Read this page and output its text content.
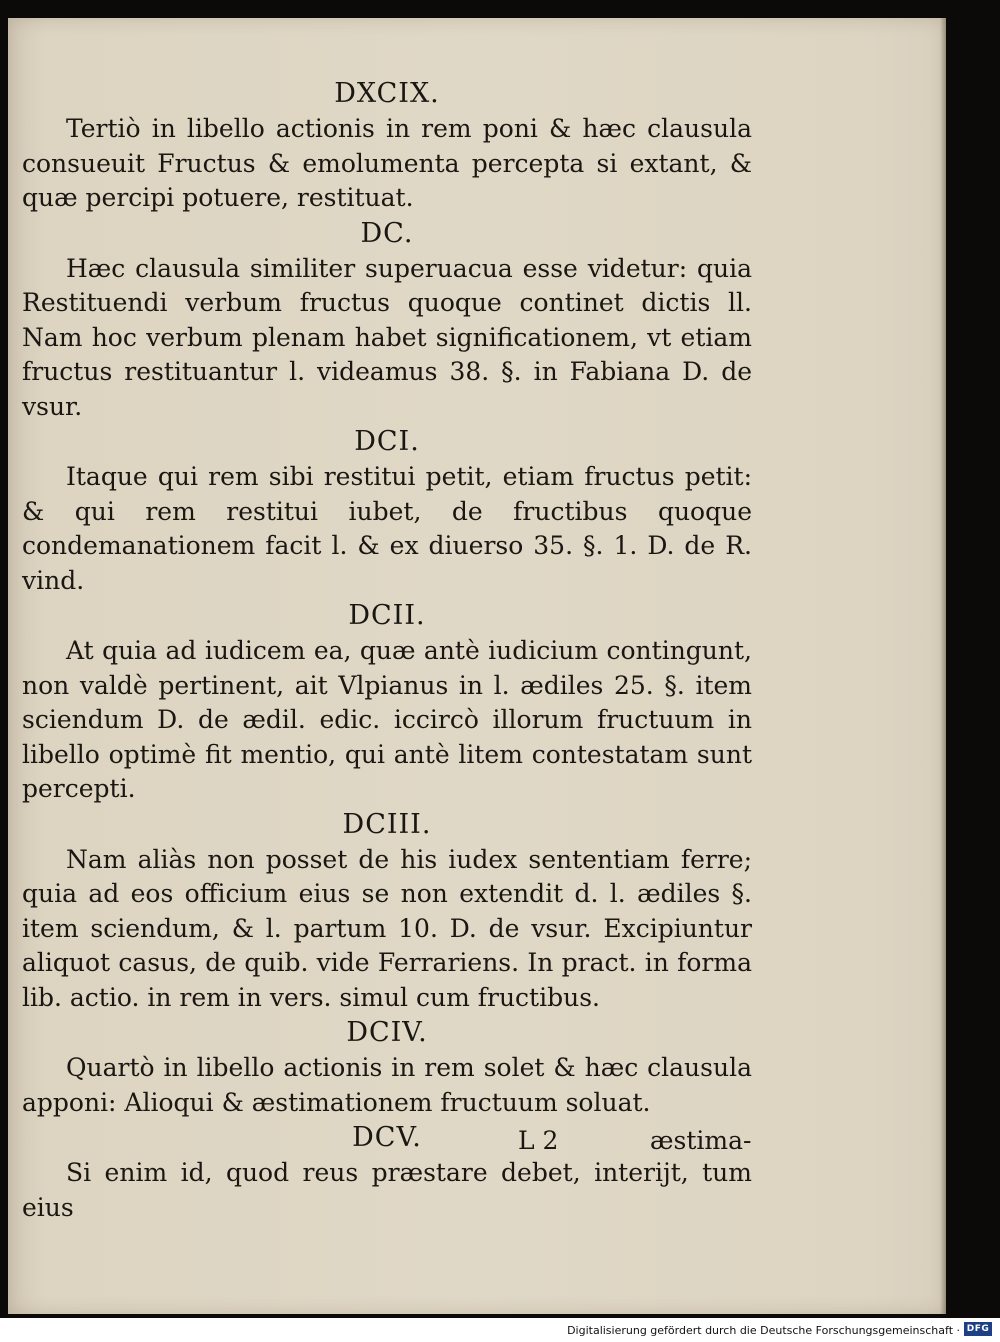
DXCIX.

Tertiò in libello actionis in rem poni & hæc clausula consueuit Fructus & emolumenta percepta si extant, & quæ percipi potuere, restituat.

DC.

Hæc clausula similiter superuacua esse videtur: quia Restituendi verbum fructus quoque continet dictis ll. Nam hoc verbum plenam habet significationem, vt etiam fructus restituantur l. videamus 38. §. in Fabiana D. de vsur.

DCI.

Itaque qui rem sibi restitui petit, etiam fructus petit: & qui rem restitui iubet, de fructibus quoque condemanationem facit l. & ex diuerso 35. §. 1. D. de R. vind.

DCII.

At quia ad iudicem ea, quæ antè iudicium contingunt, non valdè pertinent, ait Vlpianus in l. ædiles 25. §. item sciendum D. de ædil. edic. iccircò illorum fructuum in libello optimè fit mentio, qui antè litem contestatam sunt percepti.

DCIII.

Nam aliàs non posset de his iudex sententiam ferre; quia ad eos officium eius se non extendit d. l. ædiles §. item sciendum, & l. partum 10. D. de vsur. Excipiuntur aliquot casus, de quib. vide Ferrariens. In pract. in forma lib. actio. in rem in vers. simul cum fructibus.

DCIV.

Quartò in libello actionis in rem solet & hæc clausula apponi: Alioqui & æstimationem fructuum soluat.

DCV.

Si enim id, quod reus præstare debet, interijt, tum eius

L 2	æstima-
Digitalisierung gefördert durch die Deutsche Forschungsgemeinschaft · DFG
